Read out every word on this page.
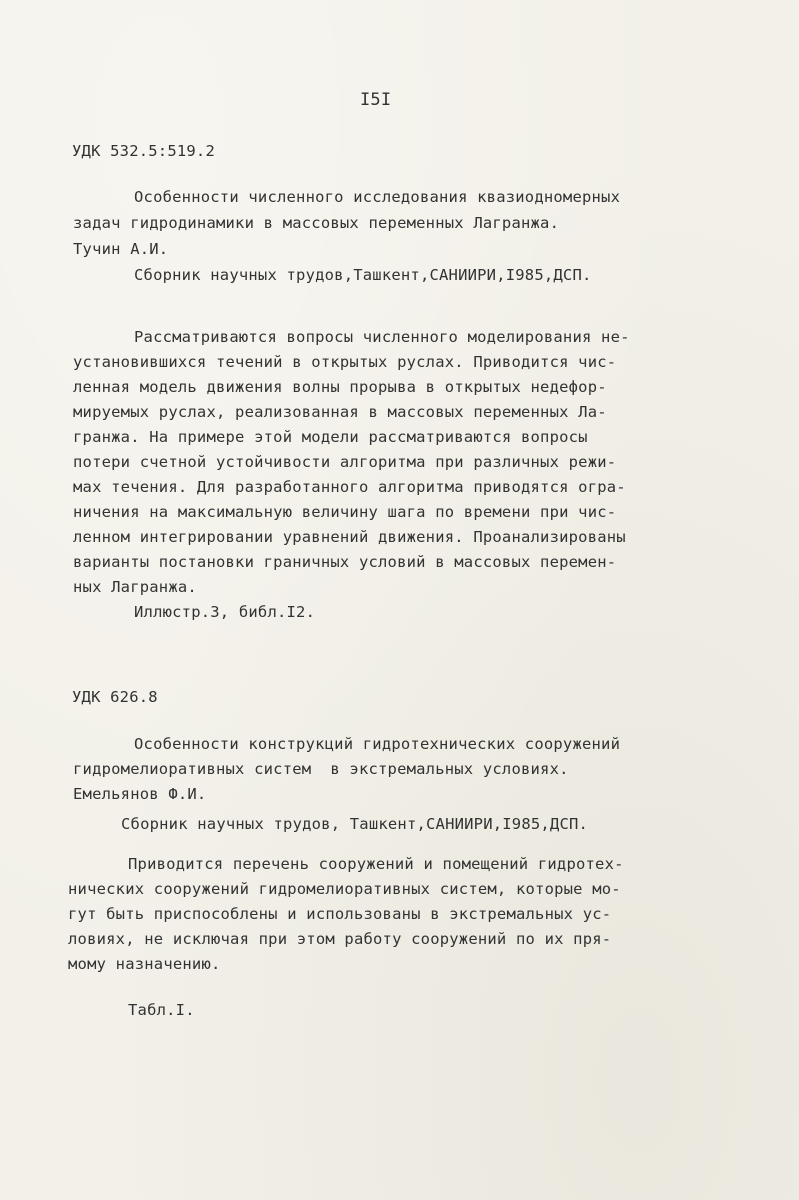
I5I
УДК 532.5:519.2
Особенности численного исследования квазиодномерных
задач гидродинамики в массовых переменных Лагранжа.
Тучин А.И.
Сборник научных трудов,Ташкент,САНИИРИ,I985,ДСП.
Рассматриваются вопросы численного моделирования не-
установившихся течений в открытых руслах. Приводится чис-
ленная модель движения волны прорыва в открытых недефор-
мируемых руслах, реализованная в массовых переменных Ла-
гранжа. На примере этой модели рассматриваются вопросы
потери счетной устойчивости алгоритма при различных режи-
мах течения. Для разработанного алгоритма приводятся огра-
ничения на максимальную величину шага по времени при чис-
ленном интегрировании уравнений движения. Проанализированы
варианты постановки граничных условий в массовых перемен-
ных Лагранжа.
Иллюстр.3, библ.I2.
УДК 626.8
Особенности конструкций гидротехнических сооружений
гидромелиоративных систем  в экстремальных условиях.
Емельянов Ф.И.
Сборник научных трудов, Ташкент,САНИИРИ,I985,ДСП.
Приводится перечень сооружений и помещений гидротех-
нических сооружений гидромелиоративных систем, которые мо-
гут быть приспособлены и использованы в экстремальных ус-
ловиях, не исключая при этом работу сооружений по их пря-
мому назначению.
Табл.I.
